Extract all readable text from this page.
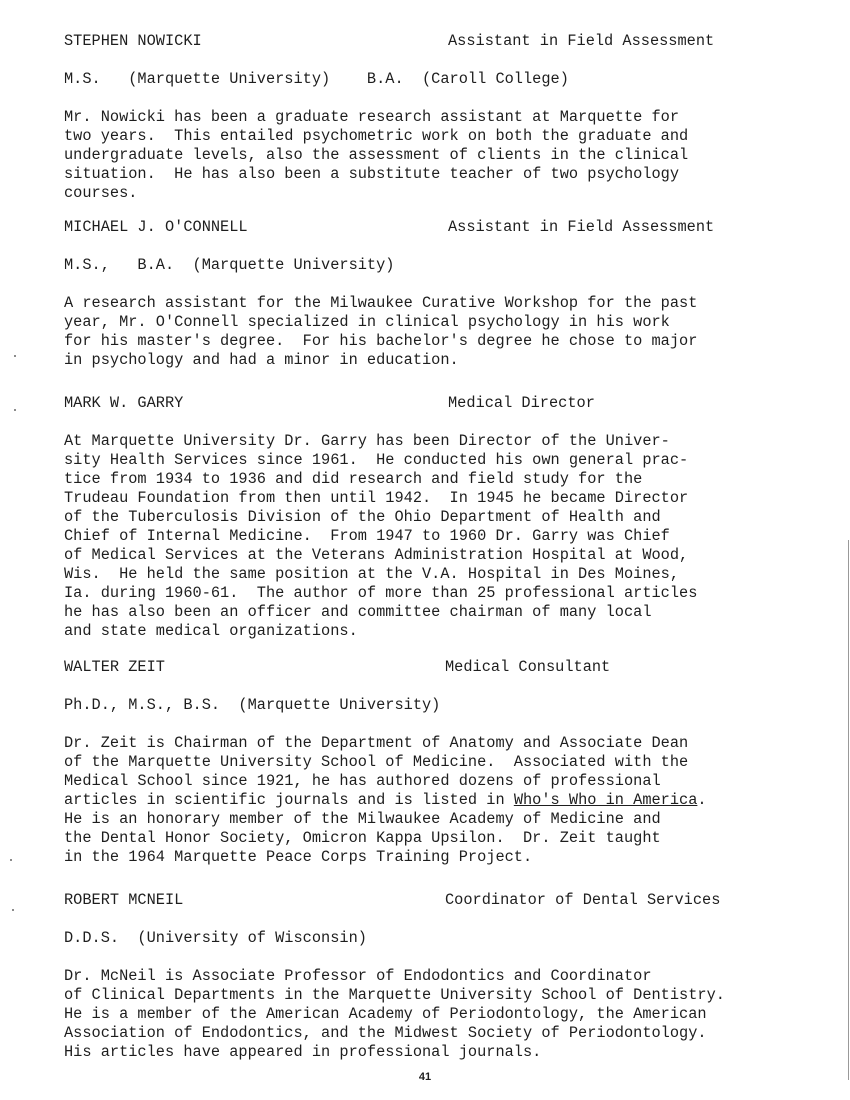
STEPHEN NOWICKI	Assistant in Field Assessment
M.S.   (Marquette University)    B.A.  (Caroll College)
Mr. Nowicki has been a graduate research assistant at Marquette for
two years.  This entailed psychometric work on both the graduate and
undergraduate levels, also the assessment of clients in the clinical
situation.  He has also been a substitute teacher of two psychology
courses.
MICHAEL J. O'CONNELL	Assistant in Field Assessment
M.S.,   B.A.  (Marquette University)
A research assistant for the Milwaukee Curative Workshop for the past
year, Mr. O'Connell specialized in clinical psychology in his work
for his master's degree.  For his bachelor's degree he chose to major
in psychology and had a minor in education.
MARK W. GARRY	Medical Director
At Marquette University Dr. Garry has been Director of the Univer-
sity Health Services since 1961.  He conducted his own general prac-
tice from 1934 to 1936 and did research and field study for the
Trudeau Foundation from then until 1942.  In 1945 he became Director
of the Tuberculosis Division of the Ohio Department of Health and
Chief of Internal Medicine.  From 1947 to 1960 Dr. Garry was Chief
of Medical Services at the Veterans Administration Hospital at Wood,
Wis.  He held the same position at the V.A. Hospital in Des Moines,
Ia. during 1960-61.  The author of more than 25 professional articles
he has also been an officer and committee chairman of many local
and state medical organizations.
WALTER ZEIT	Medical Consultant
Ph.D., M.S., B.S.  (Marquette University)
Dr. Zeit is Chairman of the Department of Anatomy and Associate Dean
of the Marquette University School of Medicine.  Associated with the
Medical School since 1921, he has authored dozens of professional
articles in scientific journals and is listed in Who's Who in America.
He is an honorary member of the Milwaukee Academy of Medicine and
the Dental Honor Society, Omicron Kappa Upsilon.  Dr. Zeit taught
in the 1964 Marquette Peace Corps Training Project.
ROBERT MCNEIL	Coordinator of Dental Services
D.D.S.  (University of Wisconsin)
Dr. McNeil is Associate Professor of Endodontics and Coordinator
of Clinical Departments in the Marquette University School of Dentistry.
He is a member of the American Academy of Periodontology, the American
Association of Endodontics, and the Midwest Society of Periodontology.
His articles have appeared in professional journals.
41
